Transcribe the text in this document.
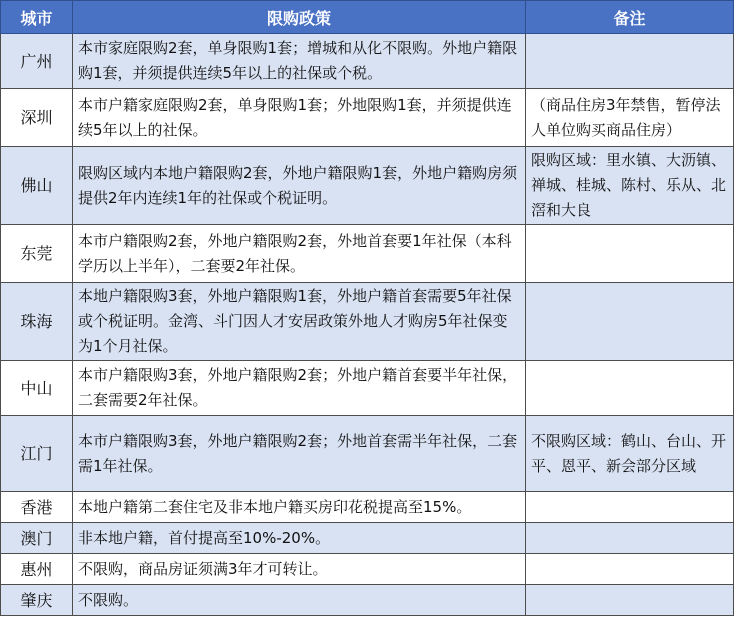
城市	限购政策	备注
广州	本市家庭限购2套，单身限购1套；增城和从化不限购。外地户籍限购1套，并须提供连续5年以上的社保或个税。	
深圳	本市户籍家庭限购2套，单身限购1套；外地限购1套，并须提供连续5年以上的社保。	（商品住房3年禁售，暂停法人单位购买商品住房）
佛山	限购区域内本地户籍限购2套，外地户籍限购1套，外地户籍购房须提供2年内连续1年的社保或个税证明。	限购区域：里水镇、大沥镇、禅城、桂城、陈村、乐从、北滘和大良
东莞	本市户籍限购2套，外地户籍限购2套，外地首套要1年社保（本科学历以上半年），二套要2年社保。	
珠海	本地户籍限购3套，外地户籍限购1套，外地户籍首套需要5年社保或个税证明。金湾、斗门因人才安居政策外地人才购房5年社保变为1个月社保。	
中山	本市户籍限购3套，外地户籍限购2套；外地户籍首套要半年社保，二套需要2年社保。	
江门	本市户籍限购3套，外地户籍限购2套；外地首套需半年社保，二套需1年社保。	不限购区域：鹤山、台山、开平、恩平、新会部分区域
香港	本地户籍第二套住宅及非本地户籍买房印花税提高至15%。	
澳门	非本地户籍，首付提高至10%-20%。	
惠州	不限购，商品房证须满3年才可转让。	
肇庆	不限购。	
